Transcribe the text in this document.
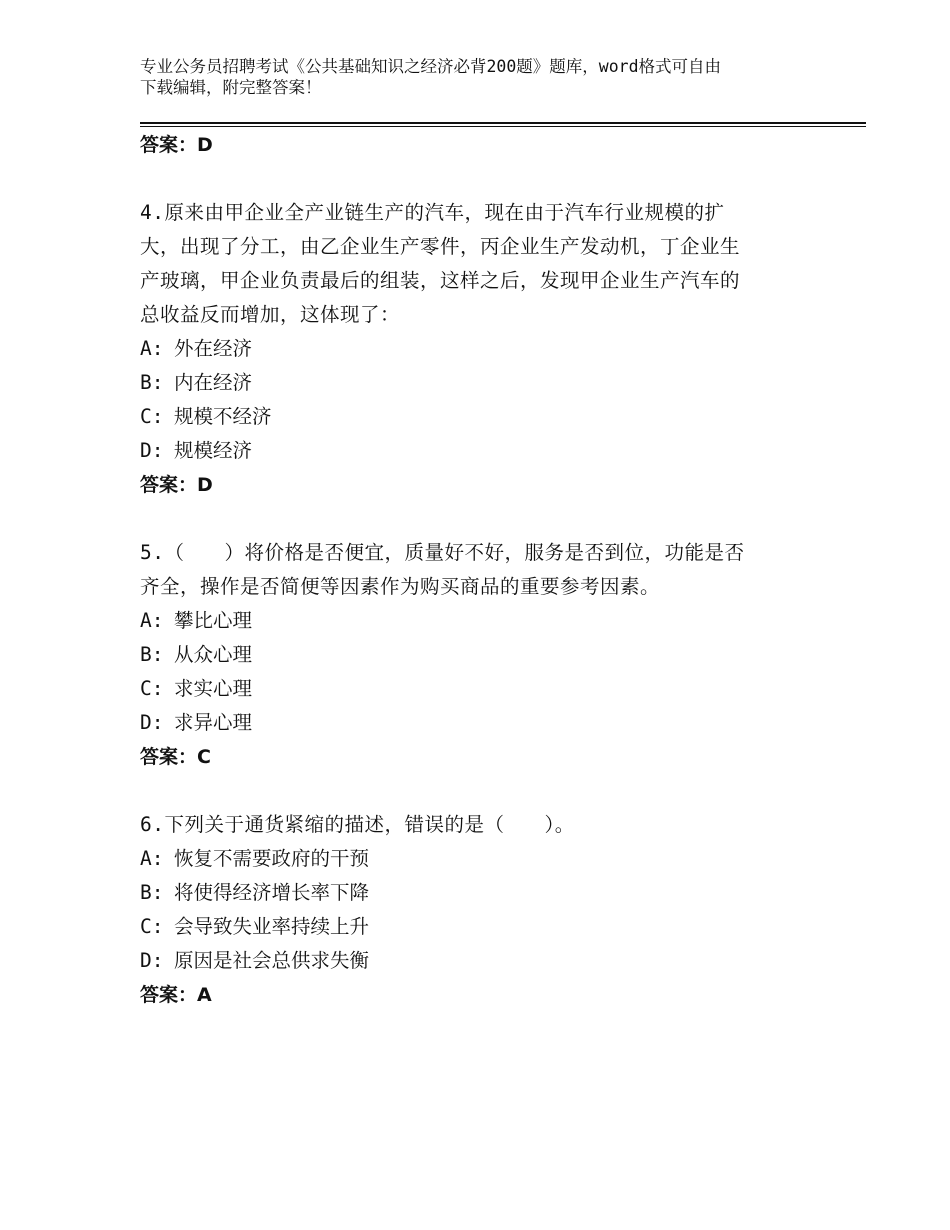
专业公务员招聘考试《公共基础知识之经济必背200题》题库，word格式可自由
下载编辑，附完整答案！
答案：D
4.原来由甲企业全产业链生产的汽车，现在由于汽车行业规模的扩
大，出现了分工，由乙企业生产零件，丙企业生产发动机，丁企业生
产玻璃，甲企业负责最后的组装，这样之后，发现甲企业生产汽车的
总收益反而增加，这体现了：
A: 外在经济
B: 内在经济
C: 规模不经济
D: 规模经济
答案：D
5.（　　）将价格是否便宜，质量好不好，服务是否到位，功能是否
齐全，操作是否简便等因素作为购买商品的重要参考因素。
A: 攀比心理
B: 从众心理
C: 求实心理
D: 求异心理
答案：C
6.下列关于通货紧缩的描述，错误的是（　　）。
A: 恢复不需要政府的干预
B: 将使得经济增长率下降
C: 会导致失业率持续上升
D: 原因是社会总供求失衡
答案：A
